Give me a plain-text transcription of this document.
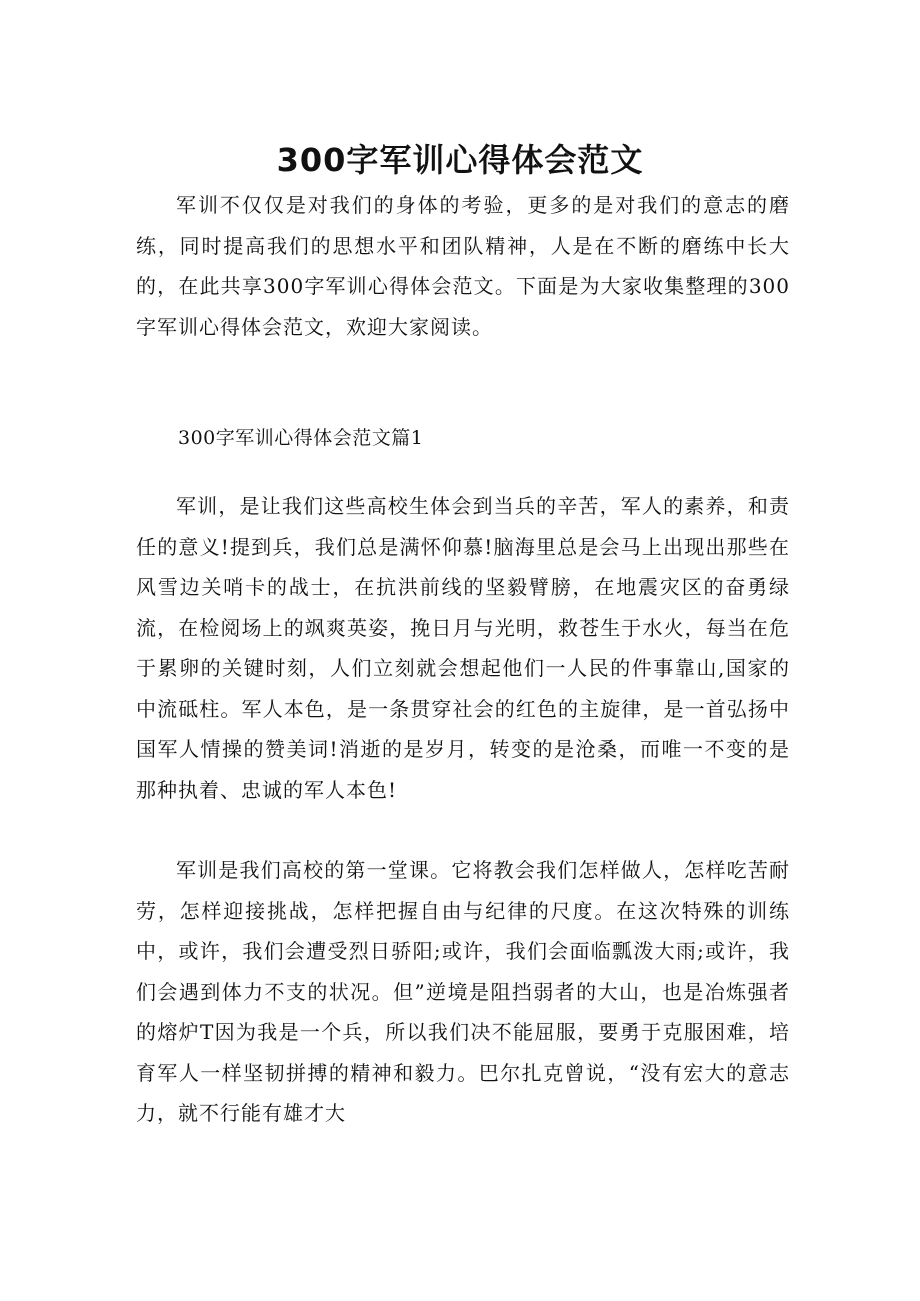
300字军训心得体会范文

军训不仅仅是对我们的身体的考验，更多的是对我们的意志的磨练，同时提高我们的思想水平和团队精神，人是在不断的磨练中长大的，在此共享300字军训心得体会范文。下面是为大家收集整理的300字军训心得体会范文，欢迎大家阅读。

300字军训心得体会范文篇1

军训，是让我们这些高校生体会到当兵的辛苦，军人的素养，和责任的意义!提到兵，我们总是满怀仰慕!脑海里总是会马上出现出那些在风雪边关哨卡的战士，在抗洪前线的坚毅臂膀，在地震灾区的奋勇绿流，在检阅场上的飒爽英姿，挽日月与光明，救苍生于水火，每当在危于累卵的关键时刻，人们立刻就会想起他们一人民的件事靠山,国家的中流砥柱。军人本色，是一条贯穿社会的红色的主旋律，是一首弘扬中国军人情操的赞美词!消逝的是岁月，转变的是沧桑，而唯一不变的是那种执着、忠诚的军人本色!

军训是我们高校的第一堂课。它将教会我们怎样做人，怎样吃苦耐劳，怎样迎接挑战，怎样把握自由与纪律的尺度。在这次特殊的训练中，或许，我们会遭受烈日骄阳;或许，我们会面临瓢泼大雨;或许，我们会遇到体力不支的状况。但”逆境是阻挡弱者的大山，也是冶炼强者的熔炉T因为我是一个兵，所以我们决不能屈服，要勇于克服困难，培育军人一样坚韧拼搏的精神和毅力。巴尔扎克曾说，“没有宏大的意志力，就不行能有雄才大
